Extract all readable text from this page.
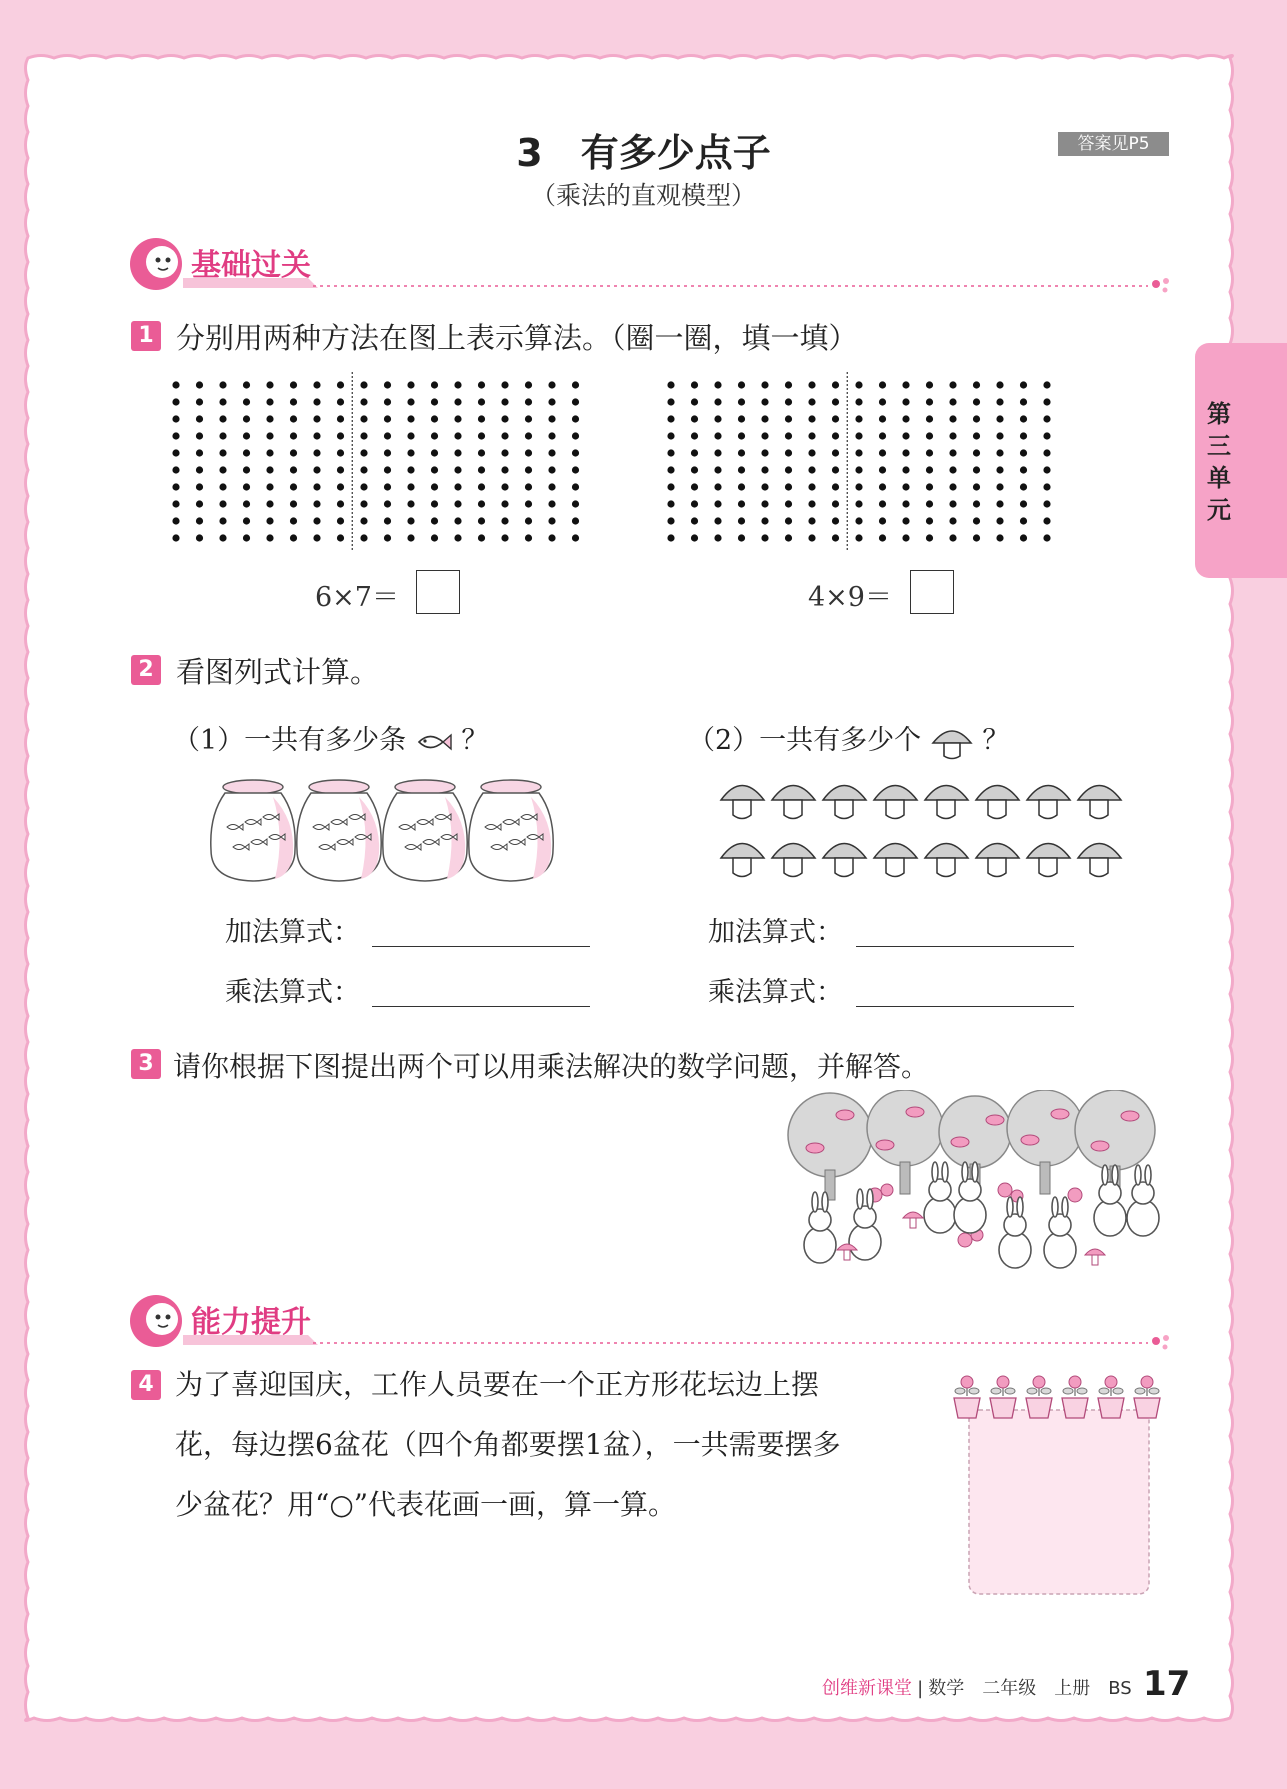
3　有多少点子
（乘法的直观模型）
答案见P5
第三单元
基础过关
1 分别用两种方法在图上表示算法。（圈一圈，填一填）
6×7＝	4×9＝
2 看图列式计算。
（1）一共有多少条 ？	（2）一共有多少个 ？
加法算式：
乘法算式：
加法算式：
乘法算式：
3 请你根据下图提出两个可以用乘法解决的数学问题，并解答。
能力提升
4 为了喜迎国庆，工作人员要在一个正方形花坛边上摆
花，每边摆6盆花（四个角都要摆1盆），一共需要摆多
少盆花？用“○”代表花画一画，算一算。
创维新课堂 | 数学　二年级　上册　BS 17
